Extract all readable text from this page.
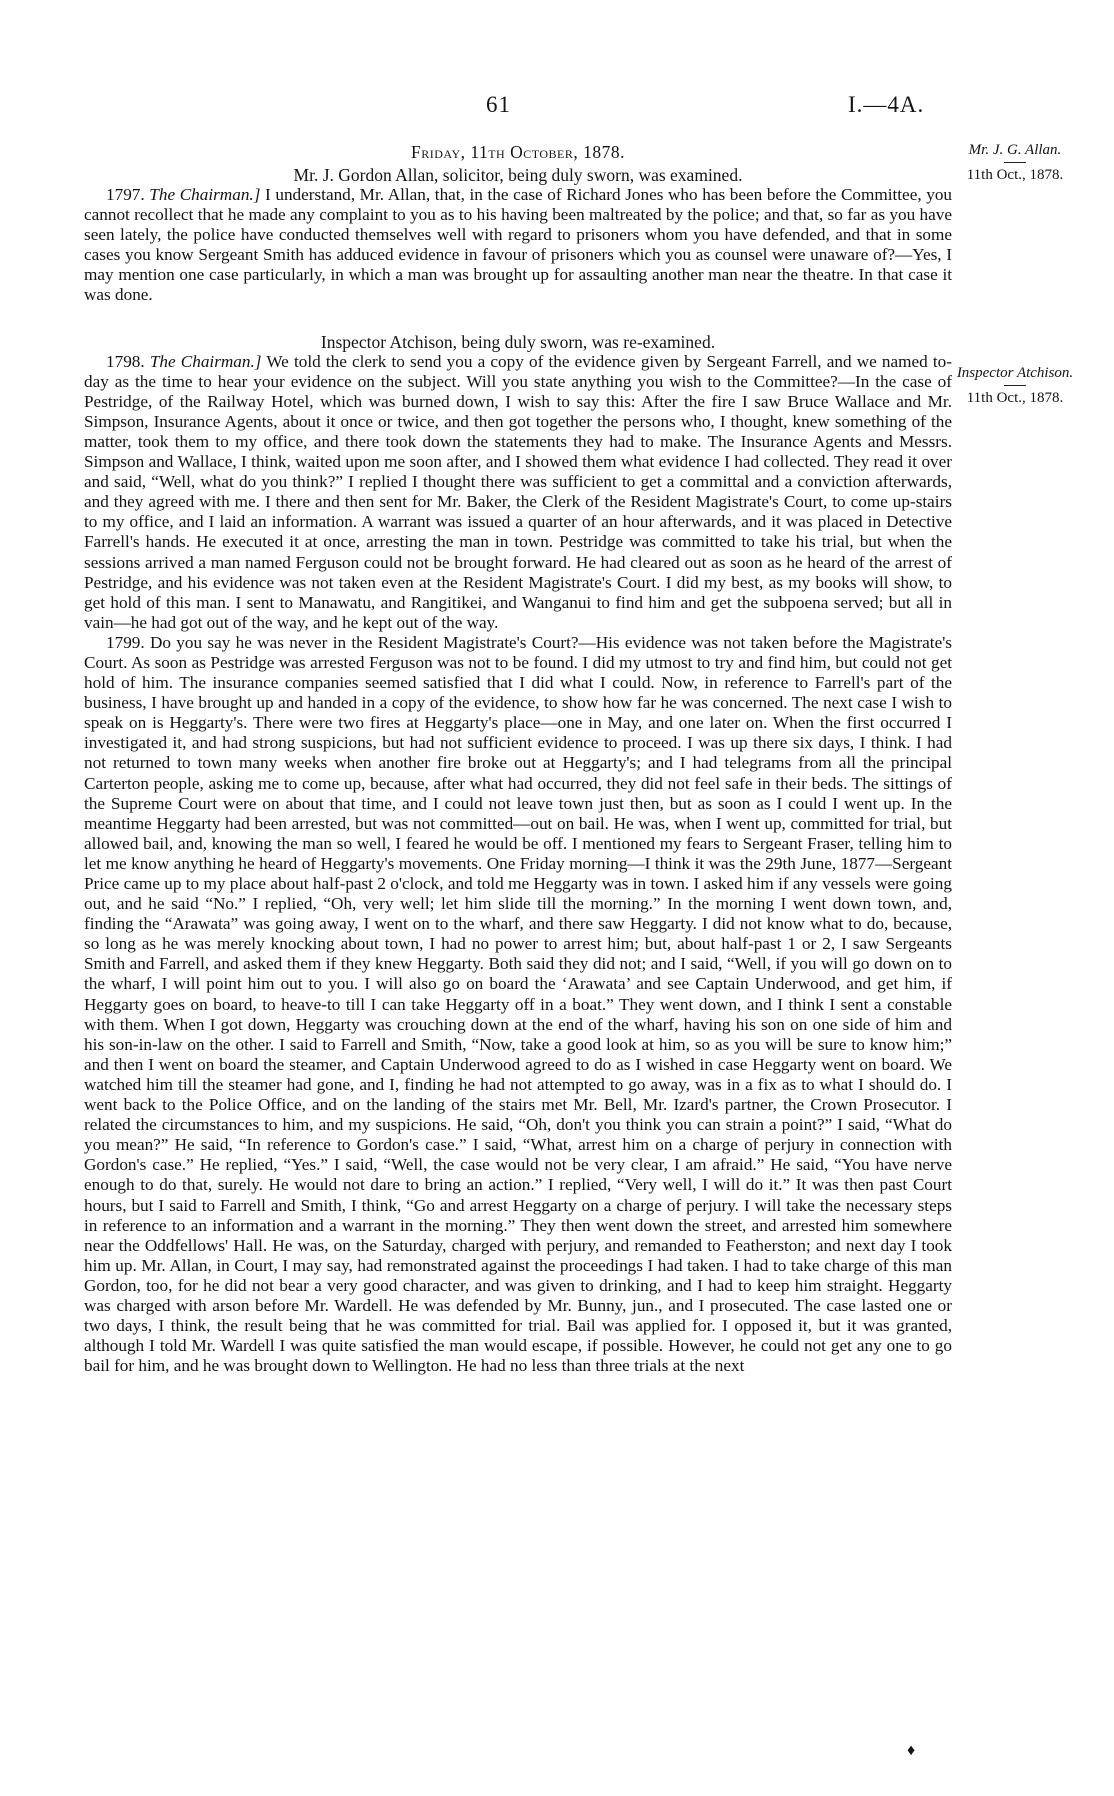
61	I.—4A.
Mr. J. G. Allan.
11th Oct., 1878.
Inspector Atchison.
11th Oct., 1878.

Friday, 11th October, 1878.

Mr. J. Gordon Allan, solicitor, being duly sworn, was examined.

1797. The Chairman.] I understand, Mr. Allan, that, in the case of Richard Jones who has been before the Committee, you cannot recollect that he made any complaint to you as to his having been maltreated by the police; and that, so far as you have seen lately, the police have conducted themselves well with regard to prisoners whom you have defended, and that in some cases you know Sergeant Smith has adduced evidence in favour of prisoners which you as counsel were unaware of?—Yes, I may mention one case particularly, in which a man was brought up for assaulting another man near the theatre. In that case it was done.

Inspector Atchison, being duly sworn, was re-examined.

1798. The Chairman.] We told the clerk to send you a copy of the evidence given by Sergeant Farrell, and we named to-day as the time to hear your evidence on the subject. Will you state anything you wish to the Committee?—In the case of Pestridge, of the Railway Hotel, which was burned down, I wish to say this: After the fire I saw Bruce Wallace and Mr. Simpson, Insurance Agents, about it once or twice, and then got together the persons who, I thought, knew something of the matter, took them to my office, and there took down the statements they had to make. The Insurance Agents and Messrs. Simpson and Wallace, I think, waited upon me soon after, and I showed them what evidence I had collected. They read it over and said, “Well, what do you think?” I replied I thought there was sufficient to get a committal and a conviction afterwards, and they agreed with me. I there and then sent for Mr. Baker, the Clerk of the Resident Magistrate's Court, to come up-stairs to my office, and I laid an information. A warrant was issued a quarter of an hour afterwards, and it was placed in Detective Farrell's hands. He executed it at once, arresting the man in town. Pestridge was committed to take his trial, but when the sessions arrived a man named Ferguson could not be brought forward. He had cleared out as soon as he heard of the arrest of Pestridge, and his evidence was not taken even at the Resident Magistrate's Court. I did my best, as my books will show, to get hold of this man. I sent to Manawatu, and Rangitikei, and Wanganui to find him and get the subpoena served; but all in vain—he had got out of the way, and he kept out of the way.

1799. Do you say he was never in the Resident Magistrate's Court?—His evidence was not taken before the Magistrate's Court. As soon as Pestridge was arrested Ferguson was not to be found. I did my utmost to try and find him, but could not get hold of him. The insurance companies seemed satisfied that I did what I could. Now, in reference to Farrell's part of the business, I have brought up and handed in a copy of the evidence, to show how far he was concerned. The next case I wish to speak on is Heggarty's. There were two fires at Heggarty's place—one in May, and one later on. When the first occurred I investigated it, and had strong suspicions, but had not sufficient evidence to proceed. I was up there six days, I think. I had not returned to town many weeks when another fire broke out at Heggarty's; and I had telegrams from all the principal Carterton people, asking me to come up, because, after what had occurred, they did not feel safe in their beds. The sittings of the Supreme Court were on about that time, and I could not leave town just then, but as soon as I could I went up. In the meantime Heggarty had been arrested, but was not committed—out on bail. He was, when I went up, committed for trial, but allowed bail, and, knowing the man so well, I feared he would be off. I mentioned my fears to Sergeant Fraser, telling him to let me know anything he heard of Heggarty's movements. One Friday morning—I think it was the 29th June, 1877—Sergeant Price came up to my place about half-past 2 o'clock, and told me Heggarty was in town. I asked him if any vessels were going out, and he said “No.” I replied, “Oh, very well; let him slide till the morning.” In the morning I went down town, and, finding the “Arawata” was going away, I went on to the wharf, and there saw Heggarty. I did not know what to do, because, so long as he was merely knocking about town, I had no power to arrest him; but, about half-past 1 or 2, I saw Sergeants Smith and Farrell, and asked them if they knew Heggarty. Both said they did not; and I said, “Well, if you will go down on to the wharf, I will point him out to you. I will also go on board the ‘Arawata’ and see Captain Underwood, and get him, if Heggarty goes on board, to heave-to till I can take Heggarty off in a boat.” They went down, and I think I sent a constable with them. When I got down, Heggarty was crouching down at the end of the wharf, having his son on one side of him and his son-in-law on the other. I said to Farrell and Smith, “Now, take a good look at him, so as you will be sure to know him;” and then I went on board the steamer, and Captain Underwood agreed to do as I wished in case Heggarty went on board. We watched him till the steamer had gone, and I, finding he had not attempted to go away, was in a fix as to what I should do. I went back to the Police Office, and on the landing of the stairs met Mr. Bell, Mr. Izard's partner, the Crown Prosecutor. I related the circumstances to him, and my suspicions. He said, “Oh, don't you think you can strain a point?” I said, “What do you mean?” He said, “In reference to Gordon's case.” I said, “What, arrest him on a charge of perjury in connection with Gordon's case.” He replied, “Yes.” I said, “Well, the case would not be very clear, I am afraid.” He said, “You have nerve enough to do that, surely. He would not dare to bring an action.” I replied, “Very well, I will do it.” It was then past Court hours, but I said to Farrell and Smith, I think, “Go and arrest Heggarty on a charge of perjury. I will take the necessary steps in reference to an information and a warrant in the morning.” They then went down the street, and arrested him somewhere near the Oddfellows' Hall. He was, on the Saturday, charged with perjury, and remanded to Featherston; and next day I took him up. Mr. Allan, in Court, I may say, had remonstrated against the proceedings I had taken. I had to take charge of this man Gordon, too, for he did not bear a very good character, and was given to drinking, and I had to keep him straight. Heggarty was charged with arson before Mr. Wardell. He was defended by Mr. Bunny, jun., and I prosecuted. The case lasted one or two days, I think, the result being that he was committed for trial. Bail was applied for. I opposed it, but it was granted, although I told Mr. Wardell I was quite satisfied the man would escape, if possible. However, he could not get any one to go bail for him, and he was brought down to Wellington. He had no less than three trials at the next

♦
